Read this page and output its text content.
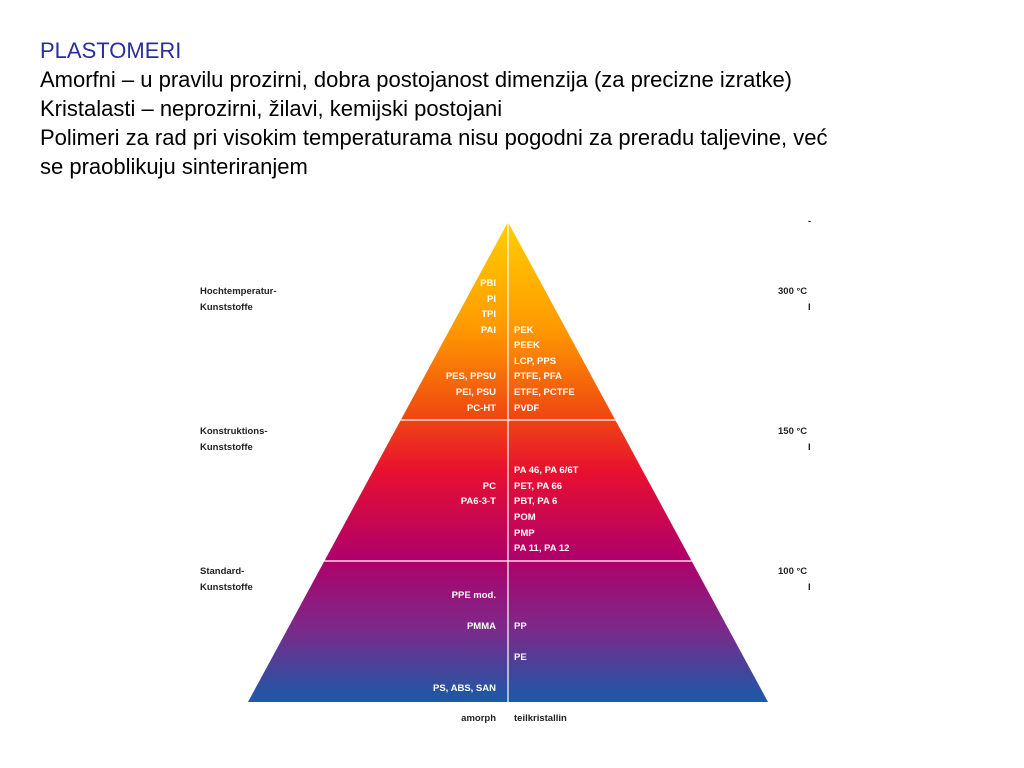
PLASTOMERI
Amorfni – u pravilu prozirni, dobra postojanost dimenzija (za precizne izratke)
Kristalasti – neprozirni, žilavi, kemijski postojani
Polimeri za rad pri visokim temperaturama nisu pogodni za preradu taljevine, već
se praoblikuju sinteriranjem
Hochtemperatur-
Kunststoffe
Konstruktions-
Kunststoffe
Standard-
Kunststoffe
300 °C
150 °C
100 °C
-
I
I
I
PBI
PI
TPI
PAI
PES, PPSU
PEI, PSU
PC-HT
PC
PA6-3-T
PPE mod.
PMMA
PS, ABS, SAN
PEK
PEEK
LCP, PPS
PTFE, PFA
ETFE, PCTFE
PVDF
PA 46, PA 6/6T
PET, PA 66
PBT, PA 6
POM
PMP
PA 11, PA 12
PP
PE
amorph teilkristallin
